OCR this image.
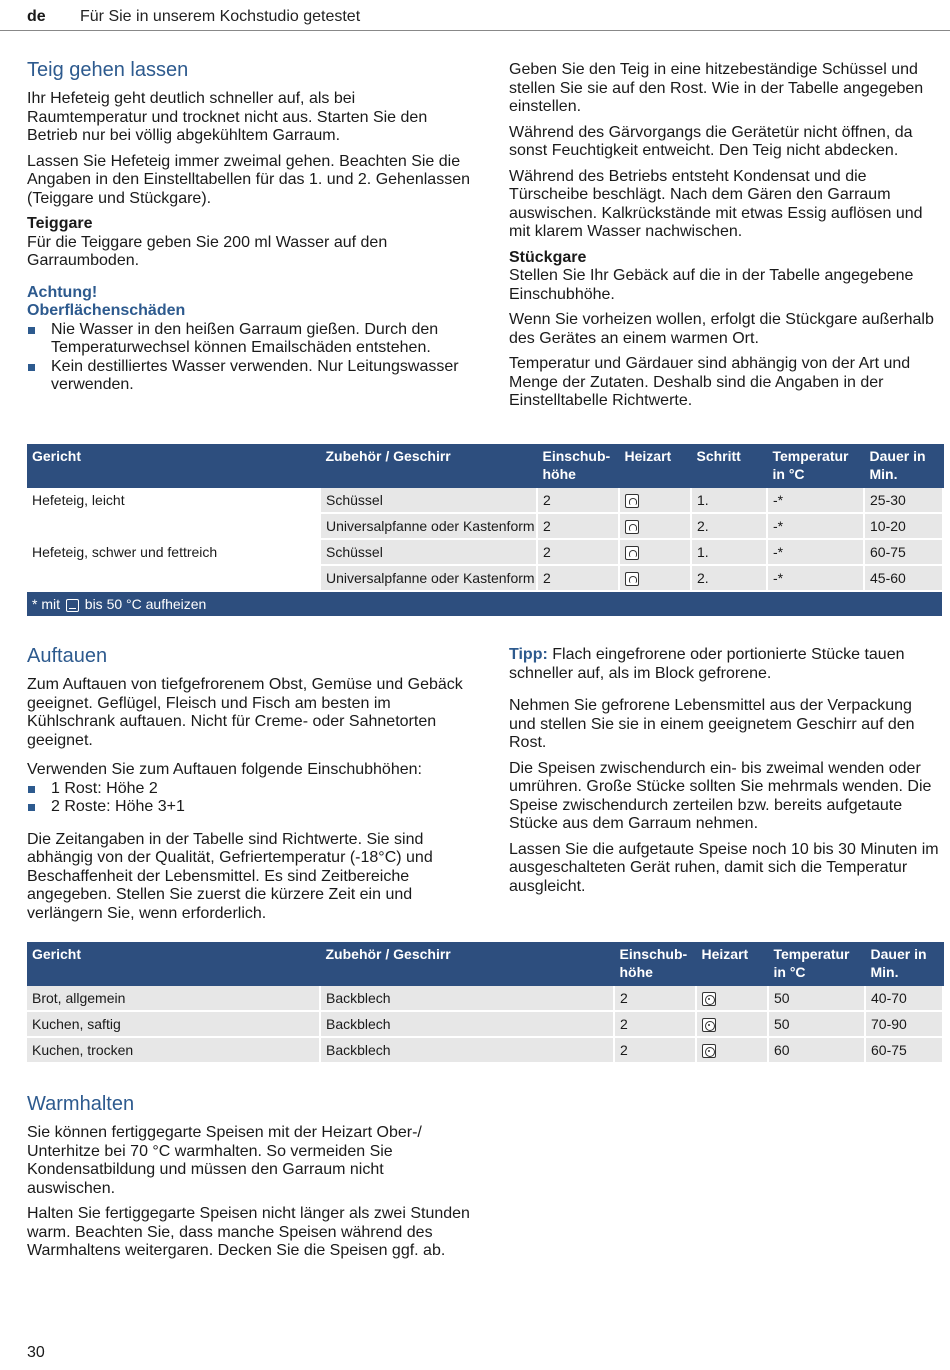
de Für Sie in unserem Kochstudio getestet
Teig gehen lassen

Ihr Hefeteig geht deutlich schneller auf, als bei Raumtemperatur und trocknet nicht aus. Starten Sie den Betrieb nur bei völlig abgekühltem Garraum.

Lassen Sie Hefeteig immer zweimal gehen. Beachten Sie die Angaben in den Einstelltabellen für das 1. und 2. Gehenlassen (Teiggare und Stückgare).

Teiggare

Für die Teiggare geben Sie 200 ml Wasser auf den Garraumboden.

Achtung!
Oberflächenschäden
Nie Wasser in den heißen Garraum gießen. Durch den Temperaturwechsel können Emailschäden entstehen.
Kein destilliertes Wasser verwenden. Nur Leitungswasser verwenden.

Geben Sie den Teig in eine hitzebeständige Schüssel und stellen Sie sie auf den Rost. Wie in der Tabelle angegeben einstellen.

Während des Gärvorgangs die Gerätetür nicht öffnen, da sonst Feuchtigkeit entweicht. Den Teig nicht abdecken.

Während des Betriebs entsteht Kondensat und die Türscheibe beschlägt. Nach dem Gären den Garraum auswischen. Kalkrückstände mit etwas Essig auflösen und mit klarem Wasser nachwischen.

Stückgare

Stellen Sie Ihr Gebäck auf die in der Tabelle angegebene Einschubhöhe.

Wenn Sie vorheizen wollen, erfolgt die Stückgare außerhalb des Gerätes an einem warmen Ort.

Temperatur und Gärdauer sind abhängig von der Art und Menge der Zutaten. Deshalb sind die Angaben in der Einstelltabelle Richtwerte.

Gericht	Zubehör / Geschirr	Einschub-
höhe	Heizart	Schritt	Temperatur
in °C	Dauer in
Min.
Hefeteig, leicht	Schüssel	2		1.	-*	25-30
	Universalpfanne oder Kastenform	2		2.	-*	10-20
Hefeteig, schwer und fettreich	Schüssel	2		1.	-*	60-75
	Universalpfanne oder Kastenform	2		2.	-*	45-60
* mit bis 50 °C aufheizen						
Auftauen

Zum Auftauen von tiefgefrorenem Obst, Gemüse und Gebäck geeignet. Geflügel, Fleisch und Fisch am besten im Kühlschrank auftauen. Nicht für Creme- oder Sahnetorten geeignet.

Verwenden Sie zum Auftauen folgende Einschubhöhen:

1 Rost: Höhe 2
2 Roste: Höhe 3+1

Die Zeitangaben in der Tabelle sind Richtwerte. Sie sind abhängig von der Qualität, Gefriertemperatur (-18°C) und Beschaffenheit der Lebensmittel. Es sind Zeitbereiche angegeben. Stellen Sie zuerst die kürzere Zeit ein und verlängern Sie, wenn erforderlich.

Tipp: Flach eingefrorene oder portionierte Stücke tauen schneller auf, als im Block gefrorene.

Nehmen Sie gefrorene Lebensmittel aus der Verpackung und stellen Sie sie in einem geeignetem Geschirr auf den Rost.

Die Speisen zwischendurch ein- bis zweimal wenden oder umrühren. Große Stücke sollten Sie mehrmals wenden. Die Speise zwischendurch zerteilen bzw. bereits aufgetaute Stücke aus dem Garraum nehmen.

Lassen Sie die aufgetaute Speise noch 10 bis 30 Minuten im ausgeschalteten Gerät ruhen, damit sich die Temperatur ausgleicht.

Gericht	Zubehör / Geschirr	Einschub-
höhe	Heizart	Temperatur
in °C	Dauer in
Min.
Brot, allgemein	Backblech	2		50	40-70
Kuchen, saftig	Backblech	2		50	70-90
Kuchen, trocken	Backblech	2		60	60-75
Warmhalten

Sie können fertiggegarte Speisen mit der Heizart Ober-/ Unterhitze bei 70 °C warmhalten. So vermeiden Sie Kondensatbildung und müssen den Garraum nicht auswischen.

Halten Sie fertiggegarte Speisen nicht länger als zwei Stunden warm. Beachten Sie, dass manche Speisen während des Warmhaltens weitergaren. Decken Sie die Speisen ggf. ab.

30
